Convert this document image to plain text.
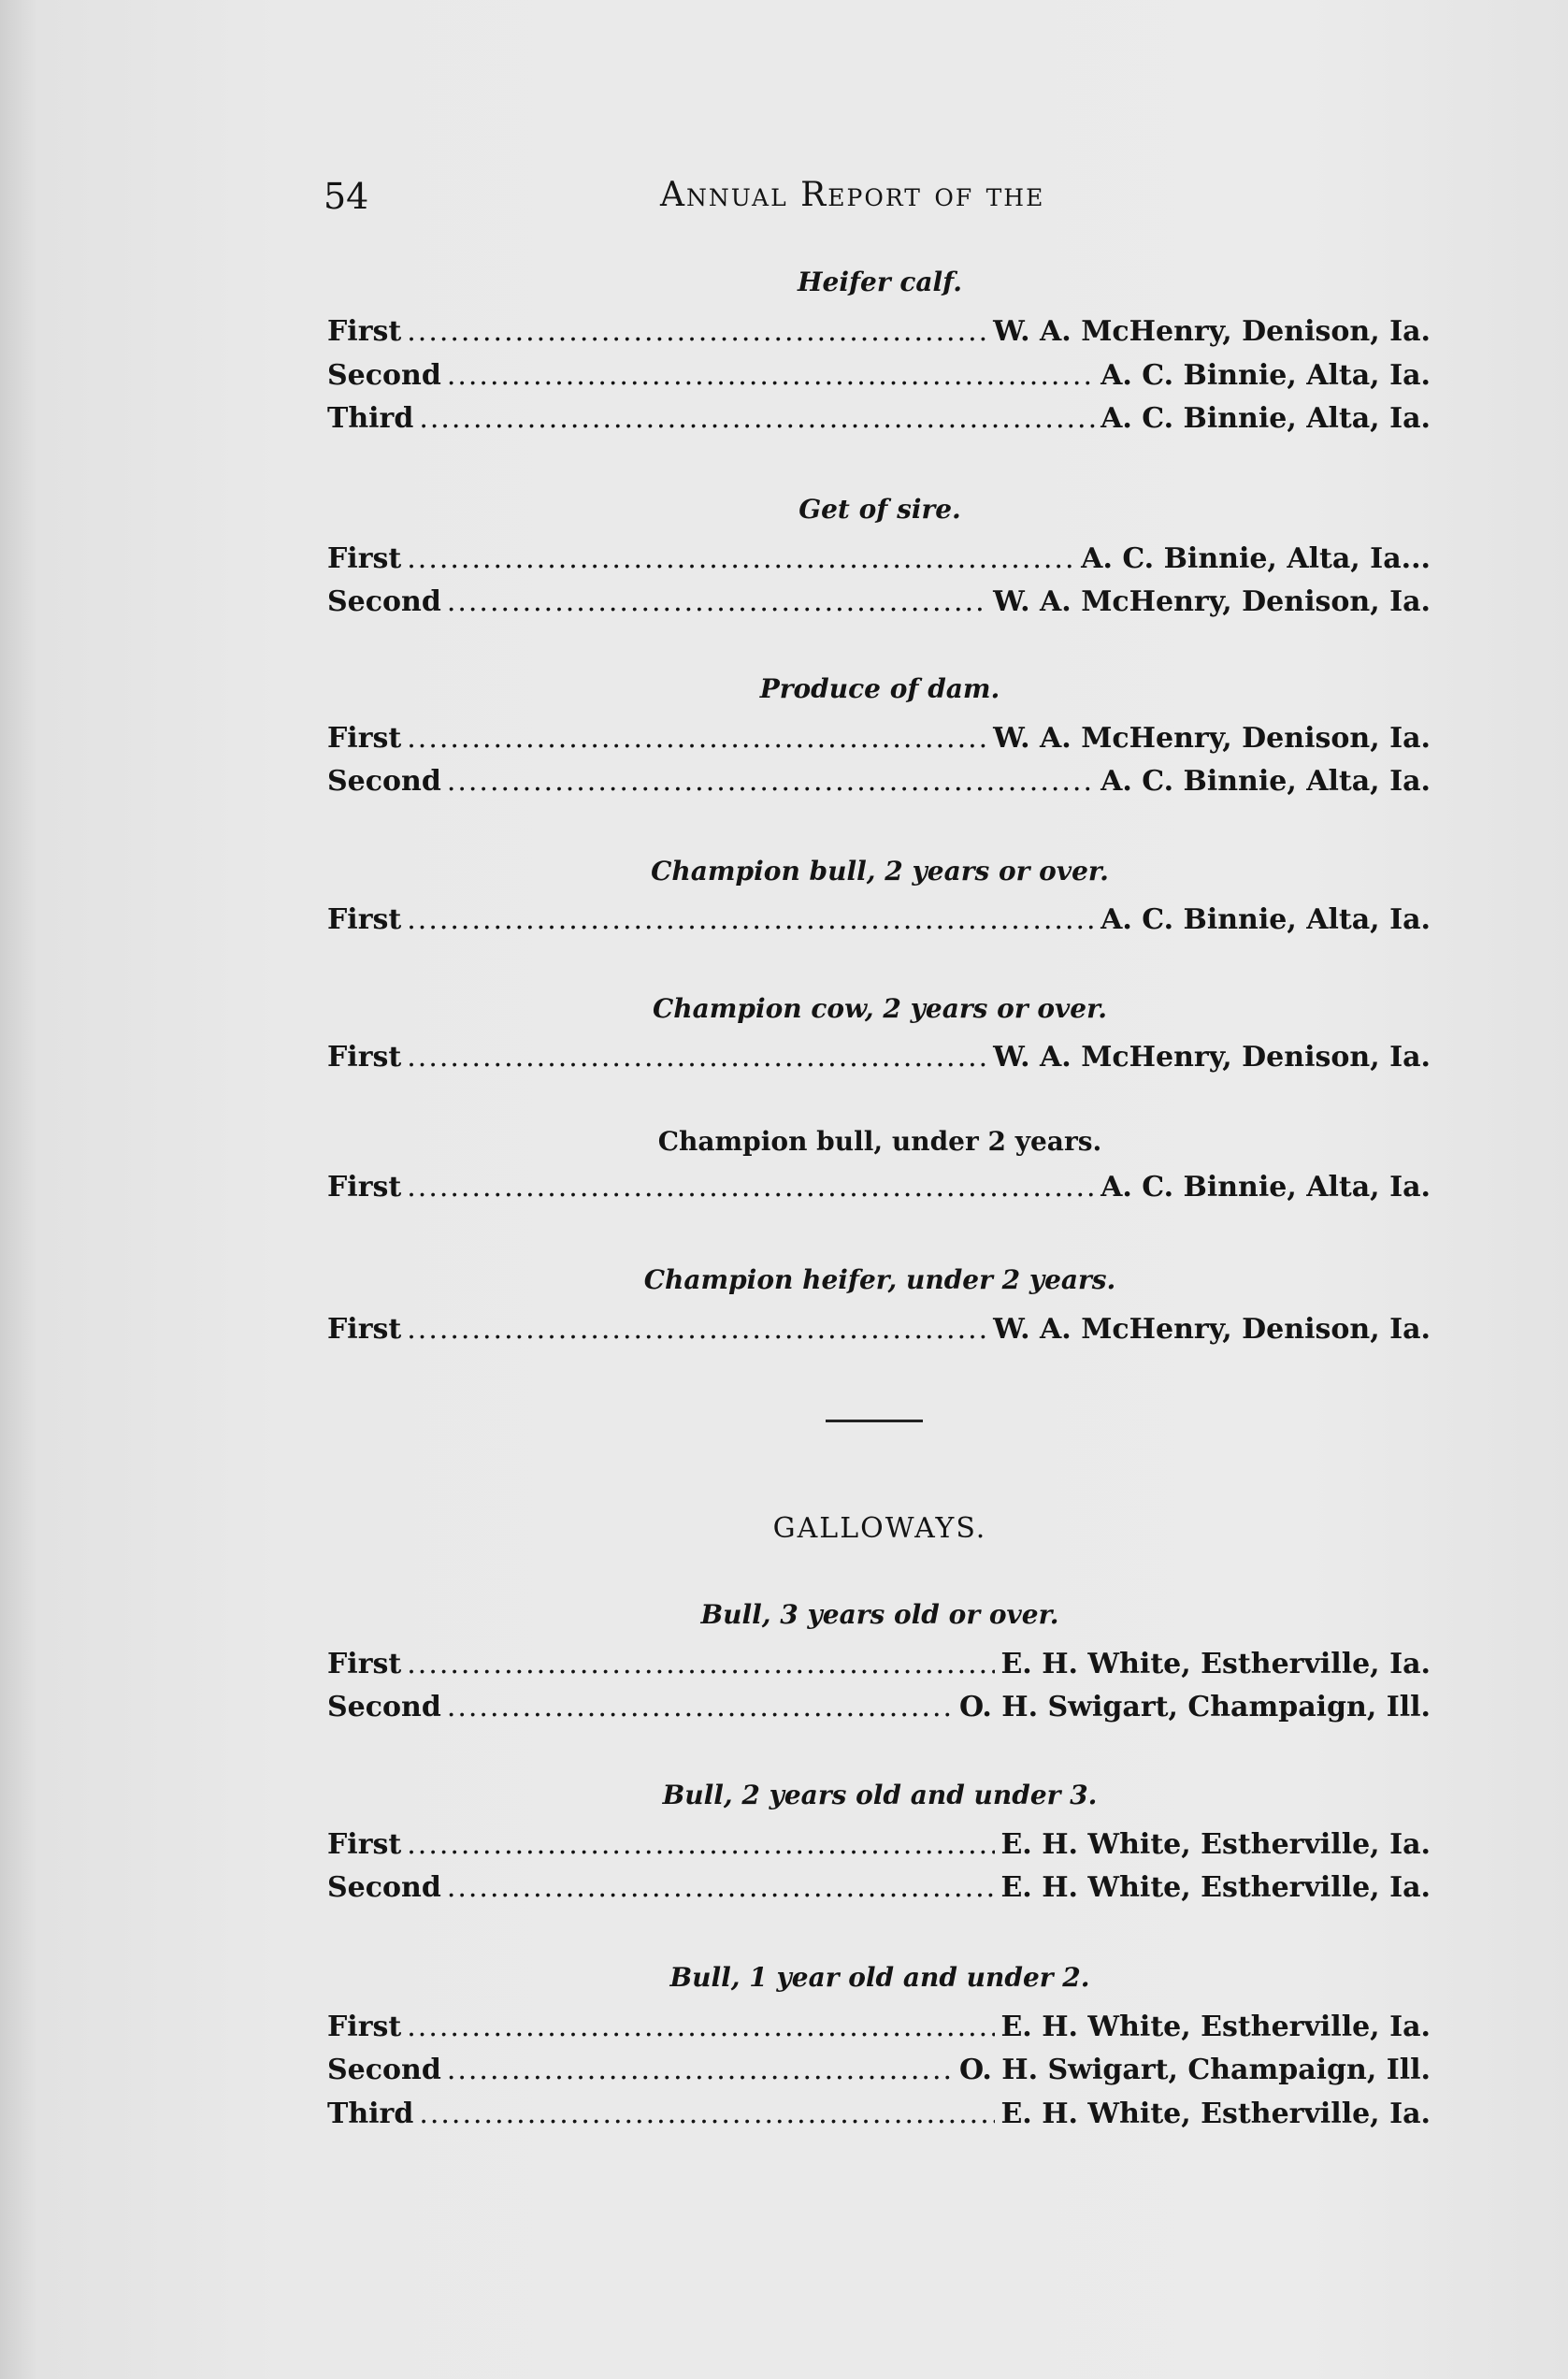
54	Annual Report of the
Heifer calf.
First .....	W. A. McHenry, Denison, Ia.
Second .....	A. C. Binnie, Alta, Ia.
Third .....	A. C. Binnie, Alta, Ia.
Get of sire.
First .....	A. C. Binnie, Alta, Ia...
Second .....	W. A. McHenry, Denison, Ia.
Produce of dam.
First .....	W. A. McHenry, Denison, Ia.
Second .....	A. C. Binnie, Alta, Ia.
Champion bull, 2 years or over.
First .....	A. C. Binnie, Alta, Ia.
Champion cow, 2 years or over.
First .....	W. A. McHenry, Denison, Ia.
Champion bull, under 2 years.
First .....	A. C. Binnie, Alta, Ia.
Champion heifer, under 2 years.
First .....	W. A. McHenry, Denison, Ia.
Bull, 3 years old or over.
First .....	E. H. White, Estherville, Ia.
Second .....	O. H. Swigart, Champaign, Ill.
Bull, 2 years old and under 3.
First .....	E. H. White, Estherville, Ia.
Second .....	E. H. White, Estherville, Ia.
Bull, 1 year old and under 2.
First .....	E. H. White, Estherville, Ia.
Second .....	O. H. Swigart, Champaign, Ill.
Third .....	E. H. White, Estherville, Ia.
GALLOWAYS.
